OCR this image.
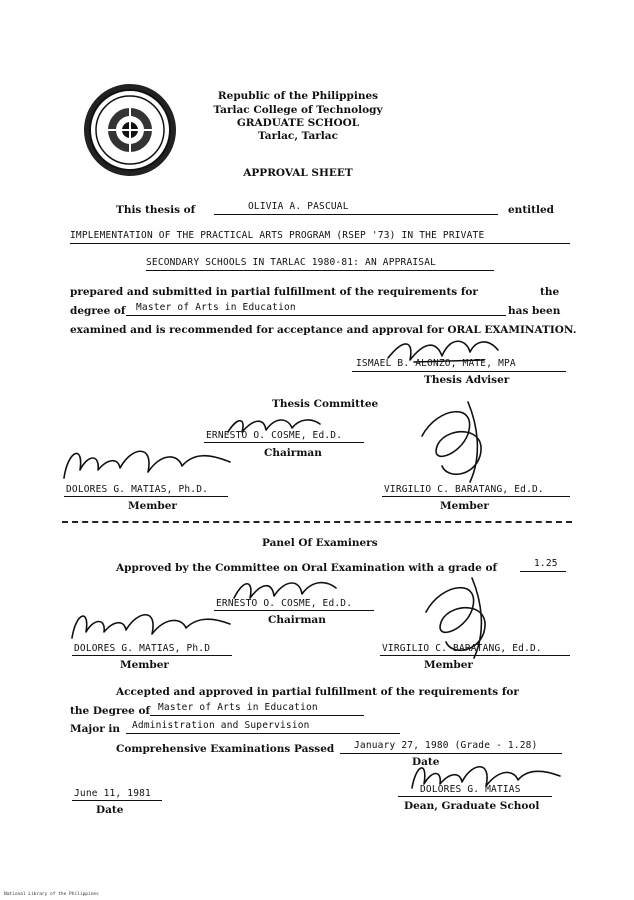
Republic of the Philippines
Tarlac College of Technology
GRADUATE SCHOOL
Tarlac, Tarlac
APPROVAL SHEET
This thesis of	OLIVIA A. PASCUAL	entitled
IMPLEMENTATION OF THE PRACTICAL ARTS PROGRAM (RSEP '73) IN THE PRIVATE
SECONDARY SCHOOLS IN TARLAC 1980-81: AN APPRAISAL
prepared and submitted in partial fulfillment of the requirements for	the
degree of Master of Arts in Education	has been
examined and is recommended for acceptance and approval for ORAL EXAMINATION.
ISMAEL B. ALONZO, MATE, MPA
Thesis Adviser
Thesis Committee
ERNESTO O. COSME, Ed.D.
Chairman
DOLORES G. MATIAS, Ph.D.
Member
VIRGILIO C. BARATANG, Ed.D.
Member
Panel Of Examiners
Approved by the Committee on Oral Examination with a grade of	1.25
ERNESTO O. COSME, Ed.D.
Chairman
DOLORES G. MATIAS, Ph.D
Member
VIRGILIO C. BARATANG, Ed.D.
Member
Accepted and approved in partial fulfillment of the requirements for
the Degree of Master of Arts in Education
Major in Administration and Supervision
Comprehensive Examinations Passed January 27, 1980 (Grade - 1.28)
Date
June 11, 1981
Date
DOLORES G. MATIAS
Dean, Graduate School
National Library of the Philippines
